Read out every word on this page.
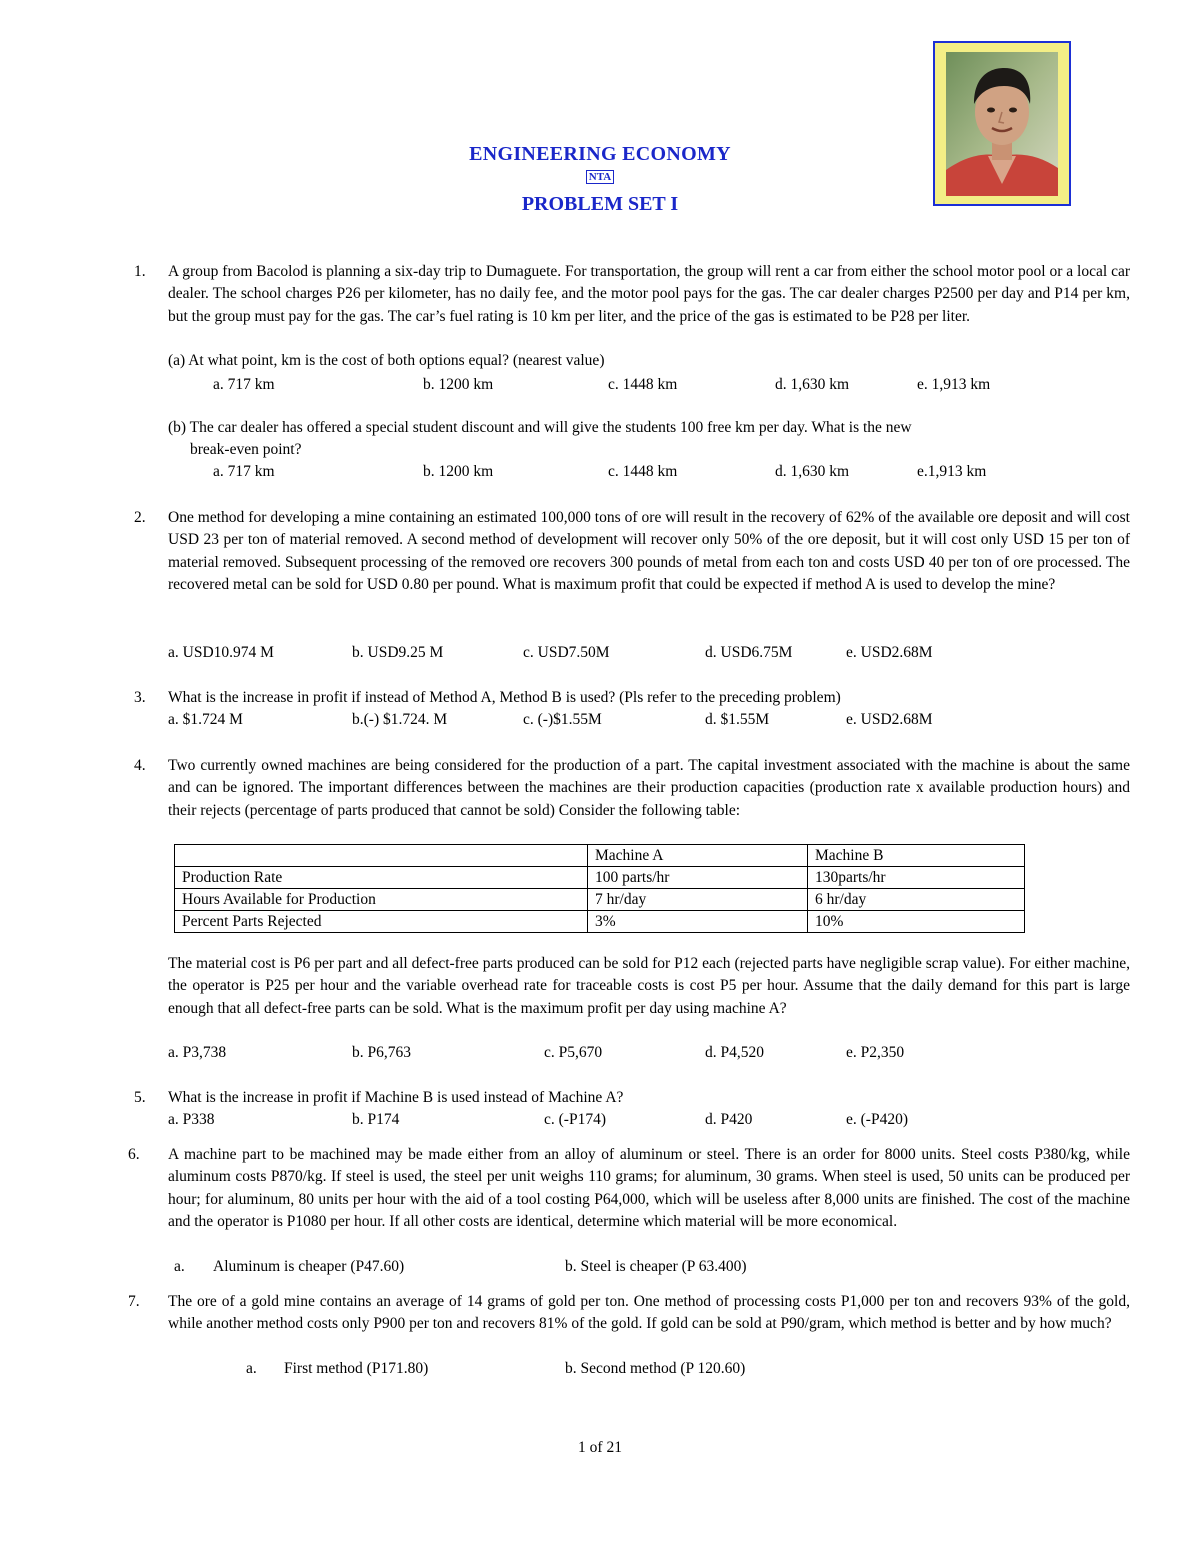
ENGINEERING ECONOMY
NTA
PROBLEM SET I
1. A group from Bacolod is planning a six-day trip to Dumaguete. For transportation, the group will rent a car from either the school motor pool or a local car dealer. The school charges P26 per kilometer, has no daily fee, and the motor pool pays for the gas. The car dealer charges P2500 per day and P14 per km, but the group must pay for the gas. The car’s fuel rating is 10 km per liter, and the price of the gas is estimated to be P28 per liter.
(a) At what point, km is the cost of both options equal? (nearest value)
a. 717 km	b. 1200 km	c. 1448 km	d. 1,630 km	e. 1,913 km
(b) The car dealer has offered a special student discount and will give the students 100 free km per day. What is the new
break-even point?
a. 717 km	b. 1200 km	c. 1448 km	d. 1,630 km	e.1,913 km
2. One method for developing a mine containing an estimated 100,000 tons of ore will result in the recovery of 62% of the available ore deposit and will cost USD 23 per ton of material removed. A second method of development will recover only 50% of the ore deposit, but it will cost only USD 15 per ton of material removed. Subsequent processing of the removed ore recovers 300 pounds of metal from each ton and costs USD 40 per ton of ore processed. The recovered metal can be sold for USD 0.80 per pound. What is maximum profit that could be expected if method A is used to develop the mine?
a. USD10.974 M	b. USD9.25 M	c. USD7.50M	d. USD6.75M	e. USD2.68M
3. What is the increase in profit if instead of Method A, Method B is used? (Pls refer to the preceding problem)
a. $1.724 M	b.(-) $1.724. M	c. (-)$1.55M	d. $1.55M	e. USD2.68M
4. Two currently owned machines are being considered for the production of a part. The capital investment associated with the machine is about the same and can be ignored. The important differences between the machines are their production capacities (production rate x available production hours) and their rejects (percentage of parts produced that cannot be sold) Consider the following table:
	Machine A	Machine B
Production Rate	100 parts/hr	130parts/hr
Hours Available for Production	7 hr/day	6 hr/day
Percent Parts Rejected	3%	10%
The material cost is P6 per part and all defect-free parts produced can be sold for P12 each (rejected parts have negligible scrap value). For either machine, the operator is P25 per hour and the variable overhead rate for traceable costs is cost P5 per hour. Assume that the daily demand for this part is large enough that all defect-free parts can be sold. What is the maximum profit per day using machine A?
a. P3,738	b. P6,763	c. P5,670	d. P4,520	e. P2,350
5. What is the increase in profit if Machine B is used instead of Machine A?
a. P338	b. P174	c. (-P174)	d. P420	e. (-P420)
6. A machine part to be machined may be made either from an alloy of aluminum or steel. There is an order for 8000 units. Steel costs P380/kg, while aluminum costs P870/kg. If steel is used, the steel per unit weighs 110 grams; for aluminum, 30 grams. When steel is used, 50 units can be produced per hour; for aluminum, 80 units per hour with the aid of a tool costing P64,000, which will be useless after 8,000 units are finished. The cost of the machine and the operator is P1080 per hour. If all other costs are identical, determine which material will be more economical.
a. Aluminum is cheaper (P47.60)	b. Steel is cheaper (P 63.400)
7. The ore of a gold mine contains an average of 14 grams of gold per ton. One method of processing costs P1,000 per ton and recovers 93% of the gold, while another method costs only P900 per ton and recovers 81% of the gold. If gold can be sold at P90/gram, which method is better and by how much?
a. First method (P171.80)	b. Second method (P 120.60)
1 of 21
